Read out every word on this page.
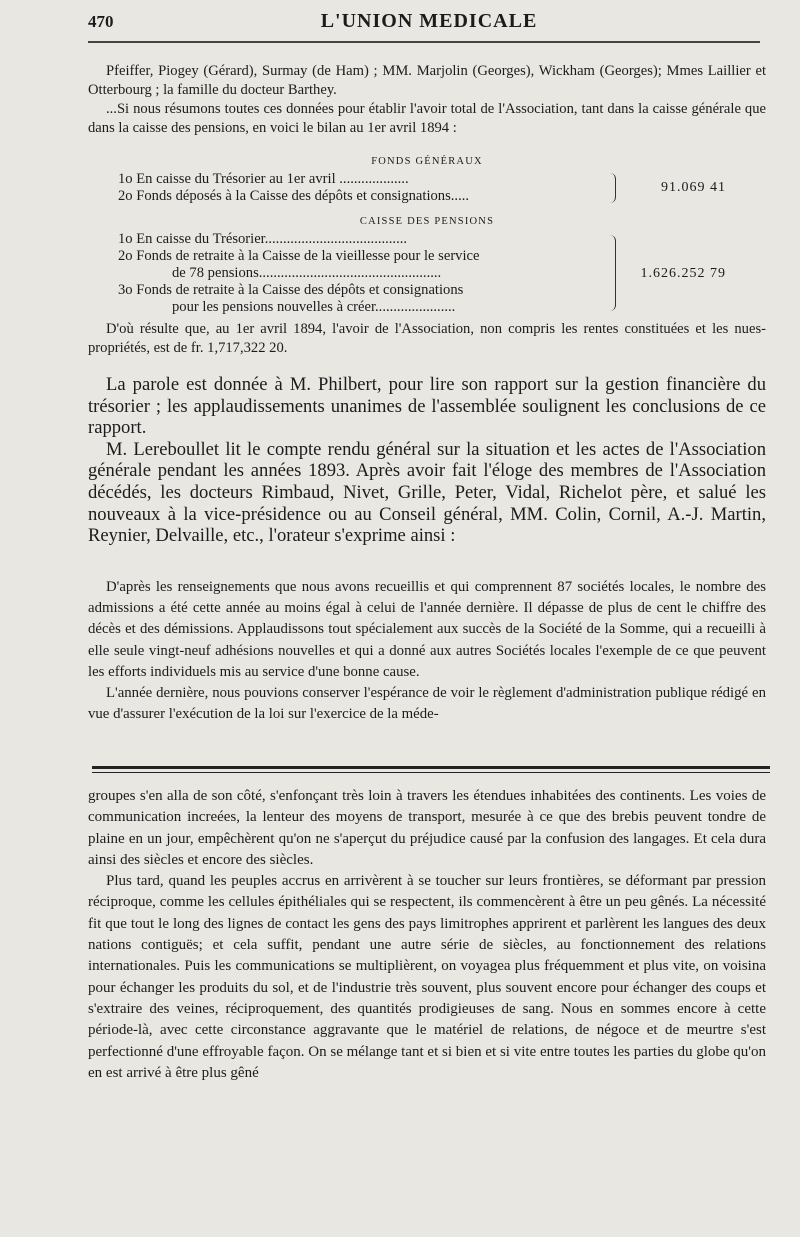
470	L'UNION MEDICALE

Pfeiffer, Piogey (Gérard), Surmay (de Ham) ; MM. Marjolin (Georges), Wickham (Georges); Mmes Laillier et Otterbourg ; la famille du docteur Barthey.

...Si nous résumons toutes ces données pour établir l'avoir total de l'Association, tant dans la caisse générale que dans la caisse des pensions, en voici le bilan au 1er avril 1894 :

FONDS GÉNÉRAUX
1o En caisse du Trésorier au 1er avril ...................
2o Fonds déposés à la Caisse des dépôts et consignations.....
91.069 41
CAISSE DES PENSIONS
1o En caisse du Trésorier.......................................
2o Fonds de retraite à la Caisse de la vieillesse pour le service
de 78 pensions..................................................
3o Fonds de retraite à la Caisse des dépôts et consignations
pour les pensions nouvelles à créer......................
1.626.252 79

D'où résulte que, au 1er avril 1894, l'avoir de l'Association, non compris les rentes constituées et les nues-propriétés, est de fr. 1,717,322 20.

La parole est donnée à M. Philbert, pour lire son rapport sur la gestion financière du trésorier ; les applaudissements unanimes de l'assemblée soulignent les conclusions de ce rapport.

M. Lereboullet lit le compte rendu général sur la situation et les actes de l'Association générale pendant les années 1893. Après avoir fait l'éloge des membres de l'Association décédés, les docteurs Rimbaud, Nivet, Grille, Peter, Vidal, Richelot père, et salué les nouveaux à la vice-présidence ou au Conseil général, MM. Colin, Cornil, A.-J. Martin, Reynier, Delvaille, etc., l'orateur s'exprime ainsi :

D'après les renseignements que nous avons recueillis et qui comprennent 87 sociétés locales, le nombre des admissions a été cette année au moins égal à celui de l'année dernière. Il dépasse de plus de cent le chiffre des décès et des démissions. Applaudissons tout spécialement aux succès de la Société de la Somme, qui a recueilli à elle seule vingt-neuf adhésions nouvelles et qui a donné aux autres Sociétés locales l'exemple de ce que peuvent les efforts individuels mis au service d'une bonne cause.

L'année dernière, nous pouvions conserver l'espérance de voir le règlement d'administration publique rédigé en vue d'assurer l'exécution de la loi sur l'exercice de la méde-

groupes s'en alla de son côté, s'enfonçant très loin à travers les étendues inhabitées des continents. Les voies de communication increées, la lenteur des moyens de transport, mesurée à ce que des brebis peuvent tondre de plaine en un jour, empêchèrent qu'on ne s'aperçut du préjudice causé par la confusion des langages. Et cela dura ainsi des siècles et encore des siècles.

Plus tard, quand les peuples accrus en arrivèrent à se toucher sur leurs frontières, se déformant par pression réciproque, comme les cellules épithéliales qui se respectent, ils commencèrent à être un peu gênés. La nécessité fit que tout le long des lignes de contact les gens des pays limitrophes apprirent et parlèrent les langues des deux nations contiguës; et cela suffit, pendant une autre série de siècles, au fonctionnement des relations internationales. Puis les communications se multiplièrent, on voyagea plus fréquemment et plus vite, on voisina pour échanger les produits du sol, et de l'industrie très souvent, plus souvent encore pour échanger des coups et s'extraire des veines, réciproquement, des quantités prodigieuses de sang. Nous en sommes encore à cette période-là, avec cette circonstance aggravante que le matériel de relations, de négoce et de meurtre s'est perfectionné d'une effroyable façon. On se mélange tant et si bien et si vite entre toutes les parties du globe qu'on en est arrivé à être plus gêné
